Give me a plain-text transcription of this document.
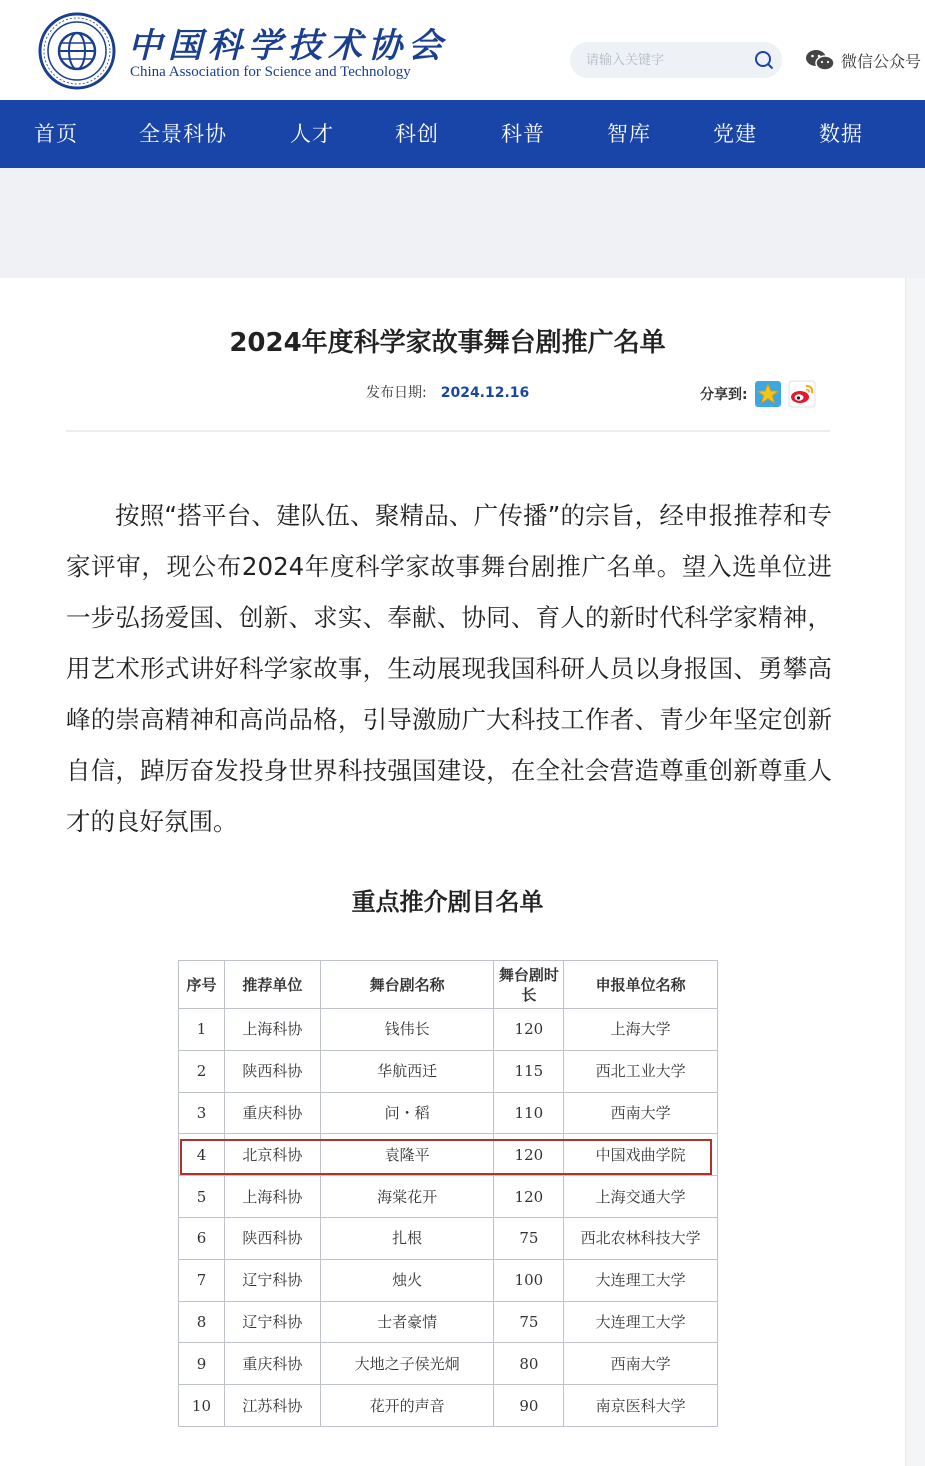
中国科学技术协会
China Association for Science and Technology
请输入关键字
微信公众号
首页	全景科协	人才	科创	科普	智库	党建	数据
2024年度科学家故事舞台剧推广名单
发布日期: 2024.12.16	分享到:

按照“搭平台、建队伍、聚精品、广传播”的宗旨，经申报推荐和专家评审，现公布2024年度科学家故事舞台剧推广名单。望入选单位进一步弘扬爱国、创新、求实、奉献、协同、育人的新时代科学家精神，用艺术形式讲好科学家故事，生动展现我国科研人员以身报国、勇攀高峰的崇高精神和高尚品格，引导激励广大科技工作者、青少年坚定创新自信，踔厉奋发投身世界科技强国建设，在全社会营造尊重创新尊重人才的良好氛围。

重点推介剧目名单
序号	推荐单位	舞台剧名称	舞台剧时长	申报单位名称
1	上海科协	钱伟长	120	上海大学
2	陕西科协	华航西迁	115	西北工业大学
3	重庆科协	问・稻	110	西南大学
4	北京科协	袁隆平	120	中国戏曲学院
5	上海科协	海棠花开	120	上海交通大学
6	陕西科协	扎根	75	西北农林科技大学
7	辽宁科协	烛火	100	大连理工大学
8	辽宁科协	士者豪情	75	大连理工大学
9	重庆科协	大地之子侯光炯	80	西南大学
10	江苏科协	花开的声音	90	南京医科大学
